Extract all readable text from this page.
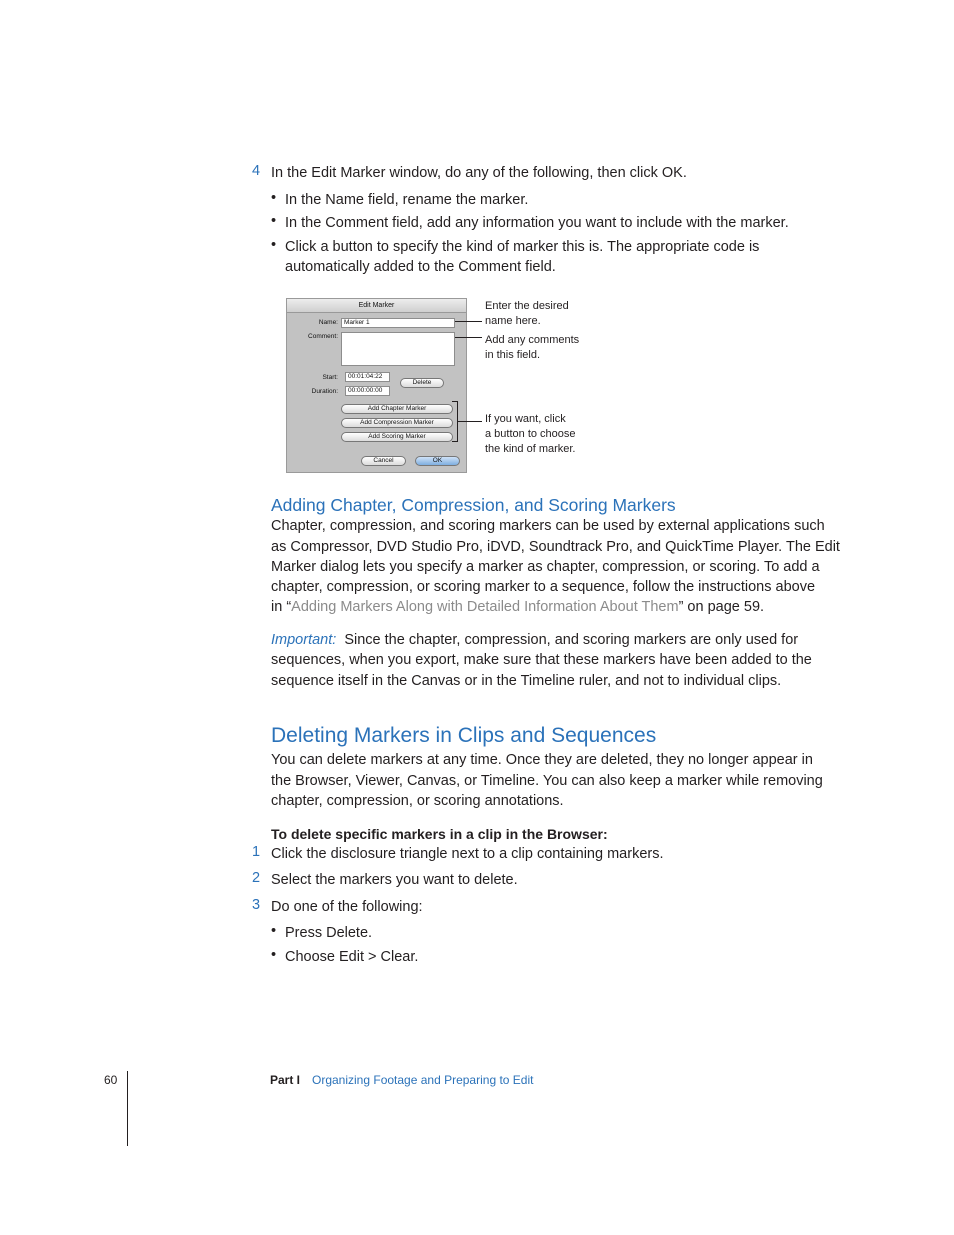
4 In the Edit Marker window, do any of the following, then click OK.
• In the Name field, rename the marker.
• In the Comment field, add any information you want to include with the marker.
• Click a button to specify the kind of marker this is. The appropriate code is
automatically added to the Comment field.
Edit Marker
Name: Marker 1
Comment:
Start:	00:01:04:22
Duration:	00:00:00:00
Delete
Add Chapter Marker
Add Compression Marker
Add Scoring Marker
Cancel	OK
Enter the desired
name here.
Add any comments
in this field.
If you want, click
a button to choose
the kind of marker.
Adding Chapter, Compression, and Scoring Markers
Chapter, compression, and scoring markers can be used by external applications such
as Compressor, DVD Studio Pro, iDVD, Soundtrack Pro, and QuickTime Player. The Edit
Marker dialog lets you specify a marker as chapter, compression, or scoring. To add a
chapter, compression, or scoring marker to a sequence, follow the instructions above
in “Adding Markers Along with Detailed Information About Them” on page 59.
Important: Since the chapter, compression, and scoring markers are only used for
sequences, when you export, make sure that these markers have been added to the
sequence itself in the Canvas or in the Timeline ruler, and not to individual clips.
Deleting Markers in Clips and Sequences
You can delete markers at any time. Once they are deleted, they no longer appear in
the Browser, Viewer, Canvas, or Timeline. You can also keep a marker while removing
chapter, compression, or scoring annotations.
To delete specific markers in a clip in the Browser:
1 Click the disclosure triangle next to a clip containing markers.
2 Select the markers you want to delete.
3 Do one of the following:
• Press Delete.
• Choose Edit > Clear.
60	Part I Organizing Footage and Preparing to Edit
